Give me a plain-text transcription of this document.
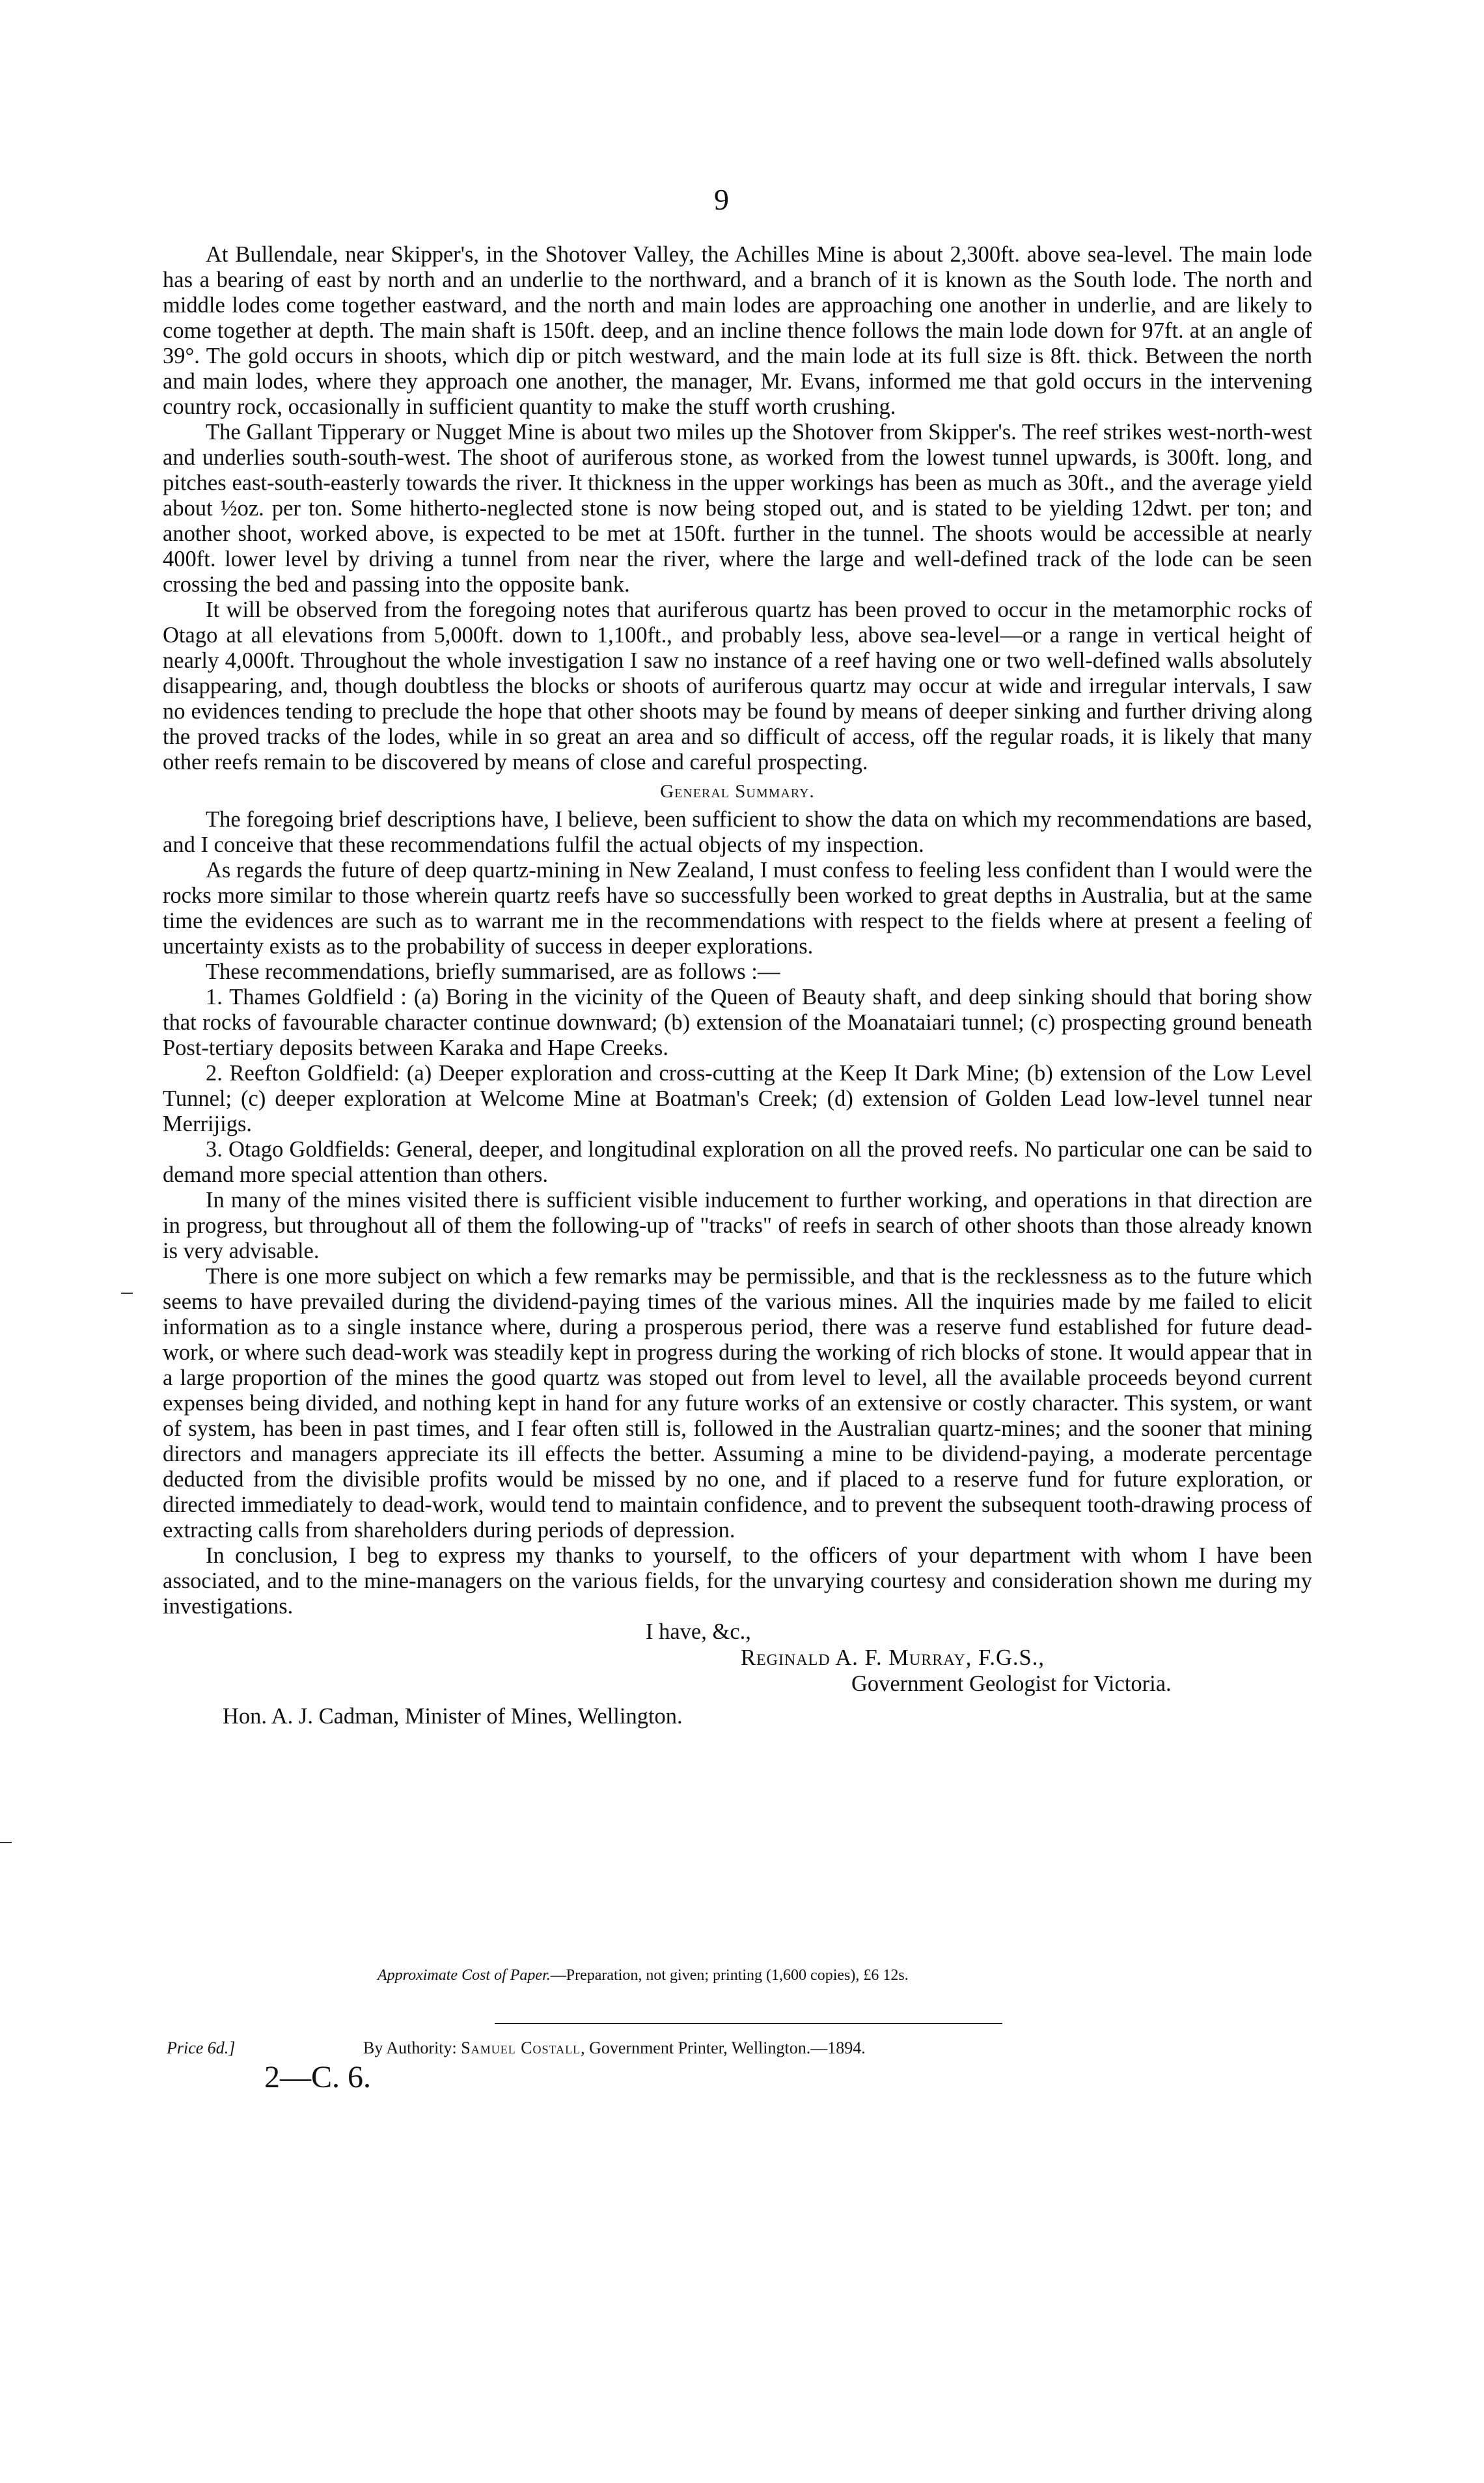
9

At Bullendale, near Skipper's, in the Shotover Valley, the Achilles Mine is about 2,300ft. above sea-level. The main lode has a bearing of east by north and an underlie to the northward, and a branch of it is known as the South lode. The north and middle lodes come together eastward, and the north and main lodes are approaching one another in underlie, and are likely to come together at depth. The main shaft is 150ft. deep, and an incline thence follows the main lode down for 97ft. at an angle of 39°. The gold occurs in shoots, which dip or pitch westward, and the main lode at its full size is 8ft. thick. Between the north and main lodes, where they approach one another, the manager, Mr. Evans, informed me that gold occurs in the intervening country rock, occasionally in sufficient quantity to make the stuff worth crushing.

The Gallant Tipperary or Nugget Mine is about two miles up the Shotover from Skipper's. The reef strikes west-north-west and underlies south-south-west. The shoot of auriferous stone, as worked from the lowest tunnel upwards, is 300ft. long, and pitches east-south-easterly towards the river. It thickness in the upper workings has been as much as 30ft., and the average yield about ½oz. per ton. Some hitherto-neglected stone is now being stoped out, and is stated to be yielding 12dwt. per ton; and another shoot, worked above, is expected to be met at 150ft. further in the tunnel. The shoots would be accessible at nearly 400ft. lower level by driving a tunnel from near the river, where the large and well-defined track of the lode can be seen crossing the bed and passing into the opposite bank.

It will be observed from the foregoing notes that auriferous quartz has been proved to occur in the metamorphic rocks of Otago at all elevations from 5,000ft. down to 1,100ft., and probably less, above sea-level—or a range in vertical height of nearly 4,000ft. Throughout the whole investigation I saw no instance of a reef having one or two well-defined walls absolutely disappearing, and, though doubtless the blocks or shoots of auriferous quartz may occur at wide and irregular intervals, I saw no evidences tending to preclude the hope that other shoots may be found by means of deeper sinking and further driving along the proved tracks of the lodes, while in so great an area and so difficult of access, off the regular roads, it is likely that many other reefs remain to be discovered by means of close and careful prospecting.

General Summary.

The foregoing brief descriptions have, I believe, been sufficient to show the data on which my recommendations are based, and I conceive that these recommendations fulfil the actual objects of my inspection.

As regards the future of deep quartz-mining in New Zealand, I must confess to feeling less confident than I would were the rocks more similar to those wherein quartz reefs have so successfully been worked to great depths in Australia, but at the same time the evidences are such as to warrant me in the recommendations with respect to the fields where at present a feeling of uncertainty exists as to the probability of success in deeper explorations.

These recommendations, briefly summarised, are as follows :—

1. Thames Goldfield : (a) Boring in the vicinity of the Queen of Beauty shaft, and deep sinking should that boring show that rocks of favourable character continue downward; (b) extension of the Moanataiari tunnel; (c) prospecting ground beneath Post-tertiary deposits between Karaka and Hape Creeks.

2. Reefton Goldfield: (a) Deeper exploration and cross-cutting at the Keep It Dark Mine; (b) extension of the Low Level Tunnel; (c) deeper exploration at Welcome Mine at Boatman's Creek; (d) extension of Golden Lead low-level tunnel near Merrijigs.

3. Otago Goldfields: General, deeper, and longitudinal exploration on all the proved reefs. No particular one can be said to demand more special attention than others.

In many of the mines visited there is sufficient visible inducement to further working, and operations in that direction are in progress, but throughout all of them the following-up of "tracks" of reefs in search of other shoots than those already known is very advisable.

There is one more subject on which a few remarks may be permissible, and that is the recklessness as to the future which seems to have prevailed during the dividend-paying times of the various mines. All the inquiries made by me failed to elicit information as to a single instance where, during a prosperous period, there was a reserve fund established for future dead-work, or where such dead-work was steadily kept in progress during the working of rich blocks of stone. It would appear that in a large proportion of the mines the good quartz was stoped out from level to level, all the available proceeds beyond current expenses being divided, and nothing kept in hand for any future works of an extensive or costly character. This system, or want of system, has been in past times, and I fear often still is, followed in the Australian quartz-mines; and the sooner that mining directors and managers appreciate its ill effects the better. Assuming a mine to be dividend-paying, a moderate percentage deducted from the divisible profits would be missed by no one, and if placed to a reserve fund for future exploration, or directed immediately to dead-work, would tend to maintain confidence, and to prevent the subsequent tooth-drawing process of extracting calls from shareholders during periods of depression.

In conclusion, I beg to express my thanks to yourself, to the officers of your department with whom I have been associated, and to the mine-managers on the various fields, for the unvarying courtesy and consideration shown me during my investigations.

I have, &c.,
Reginald A. F. Murray, F.G.S.,
Government Geologist for Victoria.
Hon. A. J. Cadman, Minister of Mines, Wellington.
Approximate Cost of Paper.—Preparation, not given; printing (1,600 copies), £6 12s.
Price 6d.]	By Authority: Samuel Costall, Government Printer, Wellington.—1894.
2—C. 6.
